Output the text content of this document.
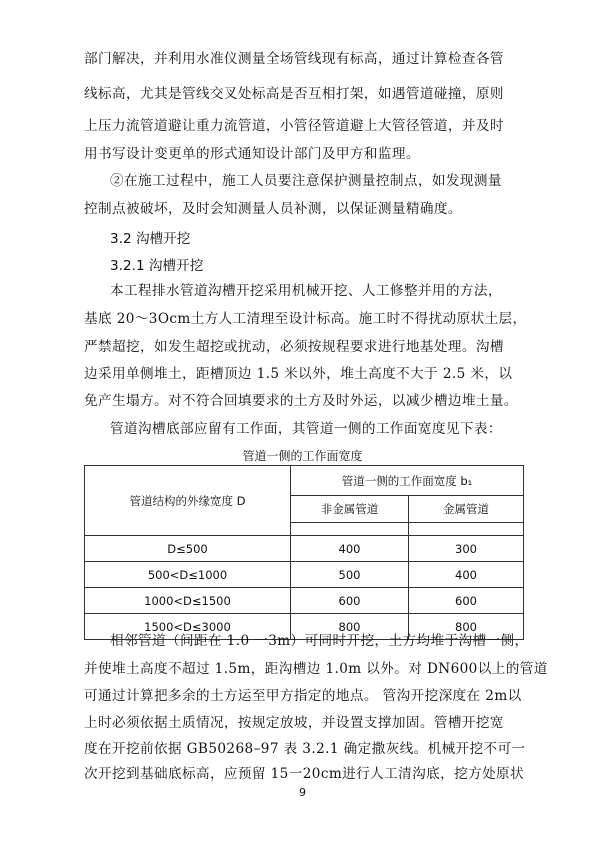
部门解决，并利用水准仪测量全场管线现有标高，通过计算检查各管
线标高，尤其是管线交叉处标高是否互相打架，如遇管道碰撞，原则
上压力流管道避让重力流管道，小管径管道避上大管径管道，并及时
用书写设计变更单的形式通知设计部门及甲方和监理。
②在施工过程中，施工人员要注意保护测量控制点，如发现测量
控制点被破坏，及时会知测量人员补测，以保证测量精确度。
3.2 沟槽开挖
3.2.1 沟槽开挖
本工程排水管道沟槽开挖采用机械开挖、人工修整并用的方法，
基底 20～3Ocm土方人工清理至设计标高。施工时不得扰动原状土层，
严禁超挖，如发生超挖或扰动，必须按规程要求进行地基处理。沟槽
边采用单侧堆土，距槽顶边 1.5 米以外，堆土高度不大于 2.5 米，以
免产生塌方。对不符合回填要求的土方及时外运，以减少槽边堆土量。
管道沟槽底部应留有工作面，其管道一侧的工作面宽度见下表：
管道一侧的工作面宽度
管道结构的外缘宽度 D	管道一侧的工作面宽度 b₁	
	非金属管道	金属管道

D≤500	400	300
500<D≤1000	500	400
1000<D≤1500	600	600
1500<D≤3000	800	800
相邻管道（间距在 1.0 一3m）可同时开挖，土方均堆于沟槽一侧，
并使堆土高度不超过 1.5m，距沟槽边 1.0m 以外。对 DN600以上的管道
可通过计算把多余的土方运至甲方指定的地点。 管沟开挖深度在 2m以
上时必须依据土质情况，按规定放坡，并设置支撑加固。管槽开挖宽
度在开挖前依据 GB50268–97 表 3.2.1 确定撒灰线。机械开挖不可一
次开挖到基础底标高，应预留 15一20cm进行人工清沟底，挖方处原状
9
